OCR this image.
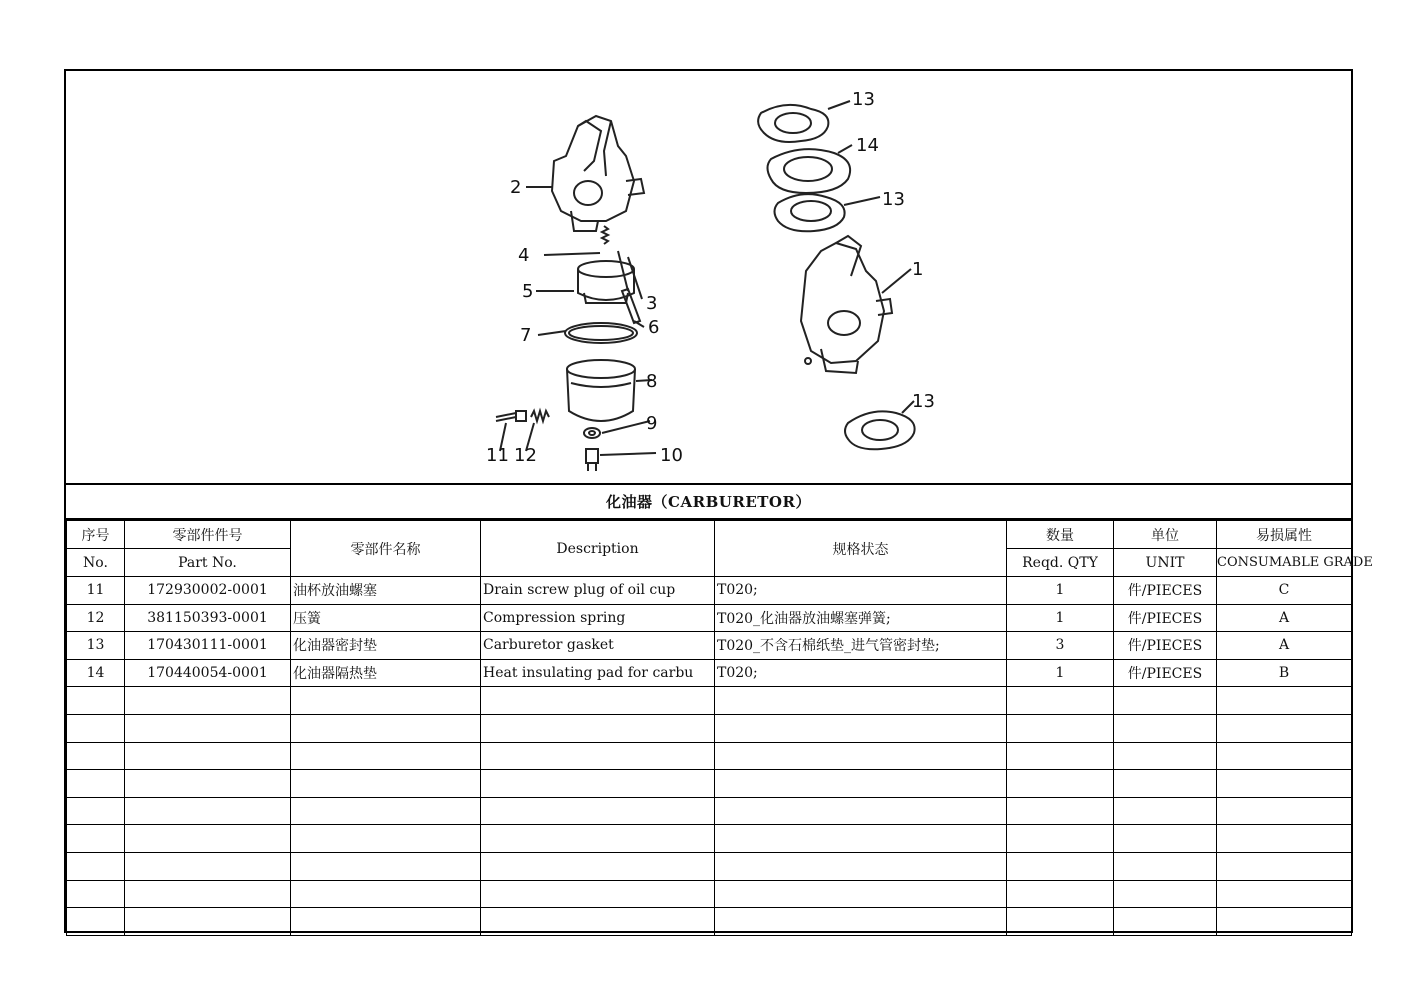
2
4
5
3
7	6
8
9
10
11 12
13
14
13
1
13
化油器（CARBURETOR）
序号	零部件件号	零部件名称	Description	规格状态	数量	单位	易损属性
No.	Part No.				Reqd. QTY	UNIT	CONSUMABLE GRADE
11	172930002-0001	油杯放油螺塞	Drain screw plug of oil cup	T020;	1	件/PIECES	C
12	381150393-0001	压簧	Compression spring	T020_化油器放油螺塞弹簧;	1	件/PIECES	A
13	170430111-0001	化油器密封垫	Carburetor gasket	T020_不含石棉纸垫_进气管密封垫;	3	件/PIECES	A
14	170440054-0001	化油器隔热垫	Heat insulating pad for carbu	T020;	1	件/PIECES	B
